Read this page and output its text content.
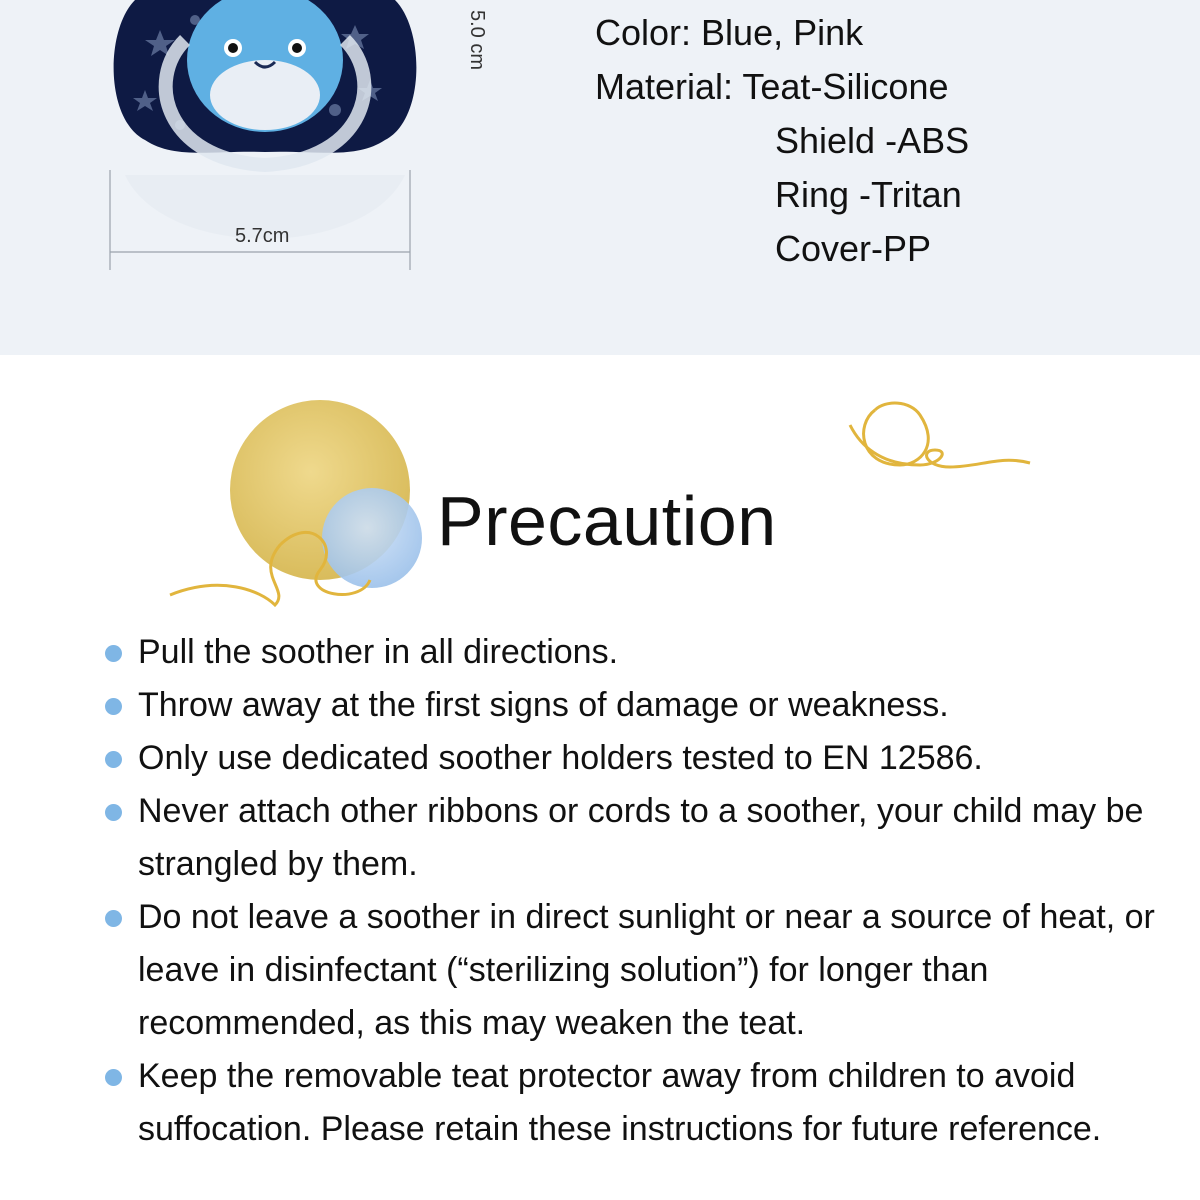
5.7cm
5.0 cm	Color: Blue, Pink
Material: Teat-Silicone
Shield -ABS
Ring -Tritan
Cover-PP
Precaution
Pull the soother in all directions.
Throw away at the first signs of damage or weakness.
Only use dedicated soother holders tested to EN 12586.
Never attach other ribbons or cords to a soother, your child may be strangled by them.
Do not leave a soother in direct sunlight or near a source of heat, or leave in disinfectant (“sterilizing solution”) for longer than recommended, as this may weaken the teat.
Keep the removable teat protector away from children to avoid suffocation. Please retain these instructions for future reference.
